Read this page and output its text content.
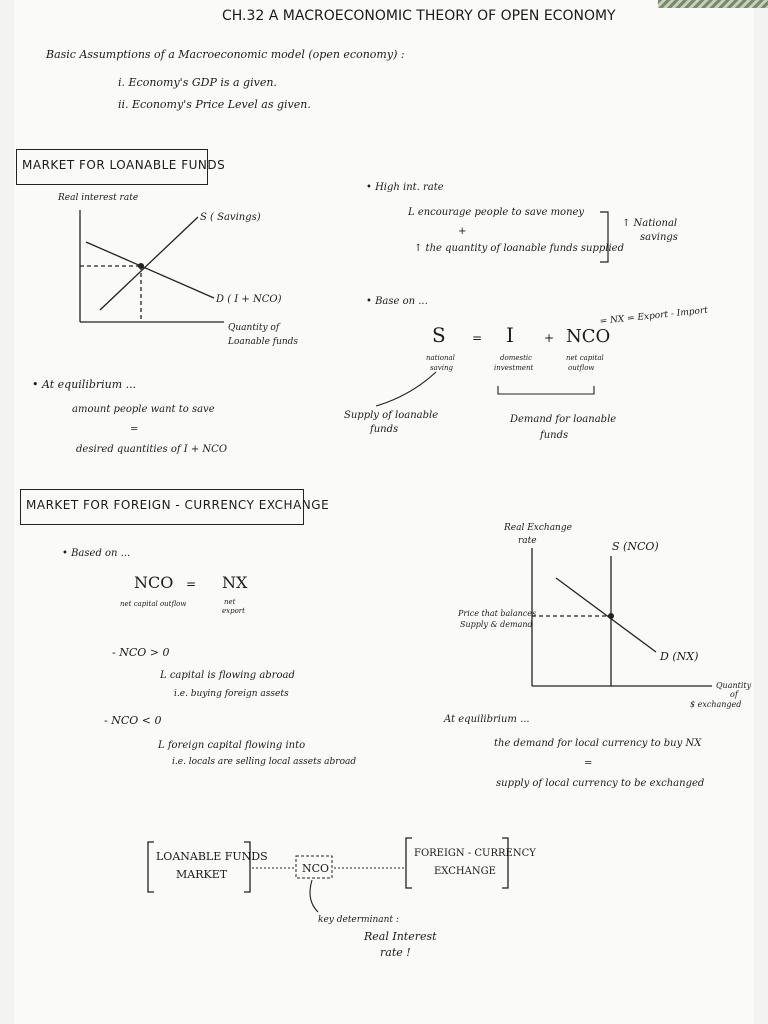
CH.32 A MACROECONOMIC THEORY OF OPEN ECONOMY
Basic Assumptions of a Macroeconomic model (open economy) :
i. Economy's GDP is a given.
ii. Economy's Price Level as given.
MARKET FOR LOANABLE FUNDS
MARKET FOR FOREIGN - CURRENCY EXCHANGE
Real interest rate
S ( Savings)
D ( I + NCO)
Quantity of
Loanable funds
• At equilibrium ...
amount people want to save
=
desired quantities of I + NCO
• High int. rate
L encourage people to save money
+
↑ the quantity of loanable funds supplied
↑ National
savings
• Base on ...
S = I	+ NCO
= NX = Export - Import
national
saving
domestic
investment
net capital
outflow
Supply of loanable
funds
Demand for loanable
funds
• Based on ...
NCO = NX
net capital outflow	net
export
- NCO > 0
L capital is flowing abroad
i.e. buying foreign assets
- NCO < 0
L foreign capital flowing into
i.e. locals are selling local assets abroad
Real Exchange
rate	S (NCO)
D (NX)
Price that balances
Supply & demand
Quantity
of
$ exchanged
At equilibrium ...
the demand for local currency to buy NX
=
supply of local currency to be exchanged
LOANABLE FUNDS
MARKET	NCO
FOREIGN - CURRENCY
EXCHANGE
key determinant :
Real Interest
rate !
